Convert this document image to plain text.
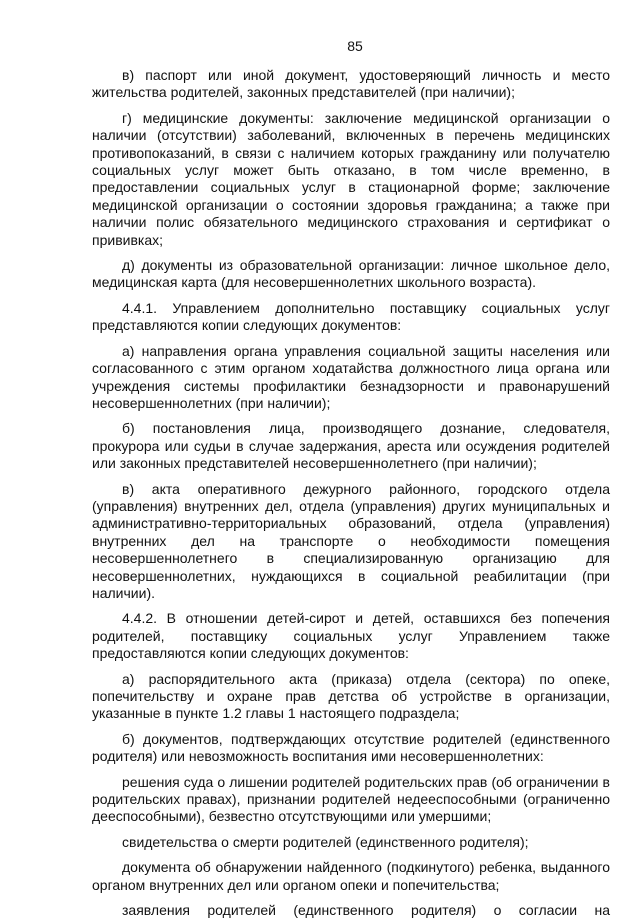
85

в) паспорт или иной документ, удостоверяющий личность и место жительства родителей, законных представителей (при наличии);

г) медицинские документы: заключение медицинской организации о наличии (отсутствии) заболеваний, включенных в перечень медицинских противопоказаний, в связи с наличием которых гражданину или получателю социальных услуг может быть отказано, в том числе временно, в предоставлении социальных услуг в стационарной форме; заключение медицинской организации о состоянии здоровья гражданина; а также при наличии полис обязательного медицинского страхования и сертификат о прививках;

д) документы из образовательной организации: личное школьное дело, медицинская карта (для несовершеннолетних школьного возраста).

4.4.1. Управлением дополнительно поставщику социальных услуг представляются копии следующих документов:

а) направления органа управления социальной защиты населения или согласованного с этим органом ходатайства должностного лица органа или учреждения системы профилактики безнадзорности и правонарушений несовершеннолетних (при наличии);

б) постановления лица, производящего дознание, следователя, прокурора или судьи в случае задержания, ареста или осуждения родителей или законных представителей несовершеннолетнего (при наличии);

в) акта оперативного дежурного районного, городского отдела (управления) внутренних дел, отдела (управления) других муниципальных и административно-территориальных образований, отдела (управления) внутренних дел на транспорте о необходимости помещения несовершеннолетнего в специализированную организацию для несовершеннолетних, нуждающихся в социальной реабилитации (при наличии).

4.4.2. В отношении детей-сирот и детей, оставшихся без попечения родителей, поставщику социальных услуг Управлением также предоставляются копии следующих документов:

а) распорядительного акта (приказа) отдела (сектора) по опеке, попечительству и охране прав детства об устройстве в организации, указанные в пункте 1.2 главы 1 настоящего подраздела;

б) документов, подтверждающих отсутствие родителей (единственного родителя) или невозможность воспитания ими несовершеннолетних:

решения суда о лишении родителей родительских прав (об ограничении в родительских правах), признании родителей недееспособными (ограниченно дееспособными), безвестно отсутствующими или умершими;

свидетельства о смерти родителей (единственного родителя);

документа об обнаружении найденного (подкинутого) ребенка, выданного органом внутренних дел или органом опеки и попечительства;

заявления родителей (единственного родителя) о согласии на
